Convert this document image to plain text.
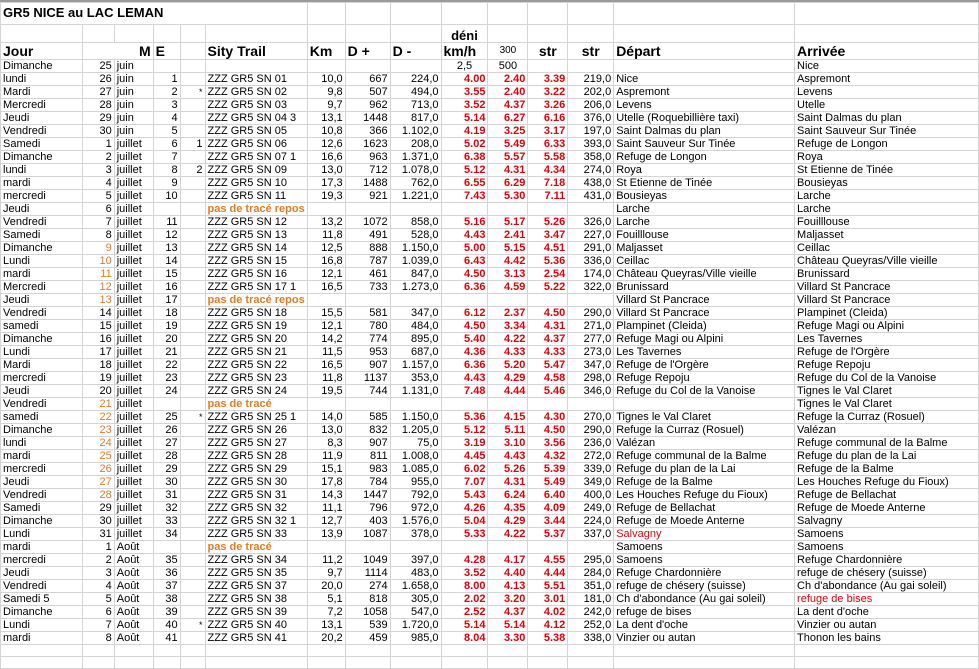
GR5 NICE au LAC LEMAN														
									déni					
Jour	M		E		Sity Trail	Km	D +	D -	km/h	300	str	str	Départ	Arrivée
Dimanche	25	juin							2,5	500				Nice
lundi	26	juin	1		ZZZ GR5 SN 01	10,0	667	224,0	4.00	2.40	3.39	219,0	Nice	Aspremont
Mardi	27	juin	2	*	ZZZ GR5 SN 02	9,8	507	494,0	3.55	2.40	3.22	202,0	Aspremont	Levens
Mercredi	28	juin	3		ZZZ GR5 SN 03	9,7	962	713,0	3.52	4.37	3.26	206,0	Levens	Utelle
Jeudi	29	juin	4		ZZZ GR5 SN 04 3	13,1	1448	817,0	5.14	6.27	6.16	376,0	Utelle (Roquebillière taxi)	Saint Dalmas du plan
Vendredi	30	juin	5		ZZZ GR5 SN 05	10,8	366	1.102,0	4.19	3.25	3.17	197,0	Saint Dalmas du plan	Saint Sauveur Sur Tinée
Samedi	1	juillet	6	1	ZZZ GR5 SN 06	12,6	1623	208,0	5.02	5.49	6.33	393,0	Saint Sauveur Sur Tinée	Refuge de Longon
Dimanche	2	juillet	7		ZZZ GR5 SN 07 1	16,6	963	1.371,0	6.38	5.57	5.58	358,0	Refuge de Longon	Roya
lundi	3	juillet	8	2	ZZZ GR5 SN 09	13,0	712	1.078,0	5.12	4.31	4.34	274,0	Roya	St Etienne de Tinée
mardi	4	juillet	9		ZZZ GR5 SN 10	17,3	1488	762,0	6.55	6.29	7.18	438,0	St Etienne de Tinée	Bousieyas
mercredi	5	juillet	10		ZZZ GR5 SN 11	19,3	921	1.221,0	7.43	5.30	7.11	431,0	Bousieyas	Larche
Jeudi	6	juillet			pas de tracé repos								Larche	Larche
Vendredi	7	juillet	11		ZZZ GR5 SN 12	13,2	1072	858,0	5.16	5.17	5.26	326,0	Larche	Fouilllouse
Samedi	8	juillet	12		ZZZ GR5 SN 13	11,8	491	528,0	4.43	2.41	3.47	227,0	Fouilllouse	Maljasset
Dimanche	9	juillet	13		ZZZ GR5 SN 14	12,5	888	1.150,0	5.00	5.15	4.51	291,0	Maljasset	Ceillac
Lundi	10	juillet	14		ZZZ GR5 SN 15	16,8	787	1.039,0	6.43	4.42	5.36	336,0	Ceillac	Château Queyras/Ville vieille
mardi	11	juillet	15		ZZZ GR5 SN 16	12,1	461	847,0	4.50	3.13	2.54	174,0	Château Queyras/Ville vieille	Brunissard
Mercredi	12	juillet	16		ZZZ GR5 SN 17 1	16,5	733	1.273,0	6.36	4.59	5.22	322,0	Brunissard	Villard St Pancrace
Jeudi	13	juillet	17		pas de tracé repos								Villard St Pancrace	Villard St Pancrace
Vendredi	14	juillet	18		ZZZ GR5 SN 18	15,5	581	347,0	6.12	2.37	4.50	290,0	Villard St Pancrace	Plampinet (Cleida)
samedi	15	juillet	19		ZZZ GR5 SN 19	12,1	780	484,0	4.50	3.34	4.31	271,0	Plampinet (Cleida)	Refuge Magi ou Alpini
Dimanche	16	juillet	20		ZZZ GR5 SN 20	14,2	774	895,0	5.40	4.22	4.37	277,0	Refuge Magi ou Alpini	Les Tavernes
Lundi	17	juillet	21		ZZZ GR5 SN 21	11,5	953	687,0	4.36	4.33	4.33	273,0	Les Tavernes	Refuge de l'Orgère
Mardi	18	juillet	22		ZZZ GR5 SN 22	16,5	907	1.157,0	6.36	5.20	5.47	347,0	Refuge de l'Orgère	Refuge Repoju
mercredi	19	juillet	23		ZZZ GR5 SN 23	11,8	1137	353,0	4.43	4.29	4.58	298,0	Refuge Repoju	Refuge du Col de la Vanoise
Jeudi	20	juillet	24		ZZZ GR5 SN 24	19,5	744	1.131,0	7.48	4.44	5.46	346,0	Refuge du Col de la Vanoise	Tignes le Val Claret
Vendredi	21	juillet			pas de tracé									Tignes le Val Claret
samedi	22	juillet	25	*	ZZZ GR5 SN 25 1	14,0	585	1.150,0	5.36	4.15	4.30	270,0	Tignes le Val Claret	Refuge la Curraz (Rosuel)
Dimanche	23	juillet	26		ZZZ GR5 SN 26	13,0	832	1.205,0	5.12	5.11	4.50	290,0	Refuge la Curraz (Rosuel)	Valézan
lundi	24	juillet	27		ZZZ GR5 SN 27	8,3	907	75,0	3.19	3.10	3.56	236,0	Valézan	Refuge communal de la Balme
mardi	25	juillet	28		ZZZ GR5 SN 28	11,9	811	1.008,0	4.45	4.43	4.32	272,0	Refuge communal de la Balme	Refuge du plan de la Lai
mercredi	26	juillet	29		ZZZ GR5 SN 29	15,1	983	1.085,0	6.02	5.26	5.39	339,0	Refuge du plan de la Lai	Refuge de la Balme
Jeudi	27	juillet	30		ZZZ GR5 SN 30	17,8	784	955,0	7.07	4.31	5.49	349,0	Refuge de la Balme	Les Houches Refuge du Fioux)
Vendredi	28	juillet	31		ZZZ GR5 SN 31	14,3	1447	792,0	5.43	6.24	6.40	400,0	Les Houches Refuge du Fioux)	Refuge de Bellachat
Samedi	29	juillet	32		ZZZ GR5 SN 32	11,1	796	972,0	4.26	4.35	4.09	249,0	Refuge de Bellachat	Refuge de Moede Anterne
Dimanche	30	juillet	33		ZZZ GR5 SN 32 1	12,7	403	1.576,0	5.04	4.29	3.44	224,0	Refuge de Moede Anterne	Salvagny
Lundi	31	juillet	34		ZZZ GR5 SN 33	13,9	1087	378,0	5.33	4.22	5.37	337,0	Salvagny	Samoens
mardi	1	Août			pas de tracé								Samoens	Samoens
mercredi	2	Août	35		ZZZ GR5 SN 34	11,2	1049	397,0	4.28	4.17	4.55	295,0	Samoens	Refuge Chardonnière
Jeudi	3	Août	36		ZZZ GR5 SN 35	9,7	1114	483,0	3.52	4.40	4.44	284,0	Refuge Chardonnière	refuge de chésery (suisse)
Vendredi	4	Août	37		ZZZ GR5 SN 37	20,0	274	1.658,0	8.00	4.13	5.51	351,0	refuge de chésery (suisse)	Ch d'abondance (Au gai soleil)
Samedi 5	5	Août	38		ZZZ GR5 SN 38	5,1	818	305,0	2.02	3.20	3.01	181,0	Ch d'abondance (Au gai soleil)	refuge de bises
Dimanche	6	Août	39		ZZZ GR5 SN 39	7,2	1058	547,0	2.52	4.37	4.02	242,0	refuge de bises	La dent d'oche
Lundi	7	Août	40	*	ZZZ GR5 SN 40	13,1	539	1.720,0	5.14	5.14	4.12	252,0	La dent d'oche	Vinzier ou autan
mardi	8	Août	41		ZZZ GR5 SN 41	20,2	459	985,0	8.04	3.30	5.38	338,0	Vinzier ou autan	Thonon les bains
